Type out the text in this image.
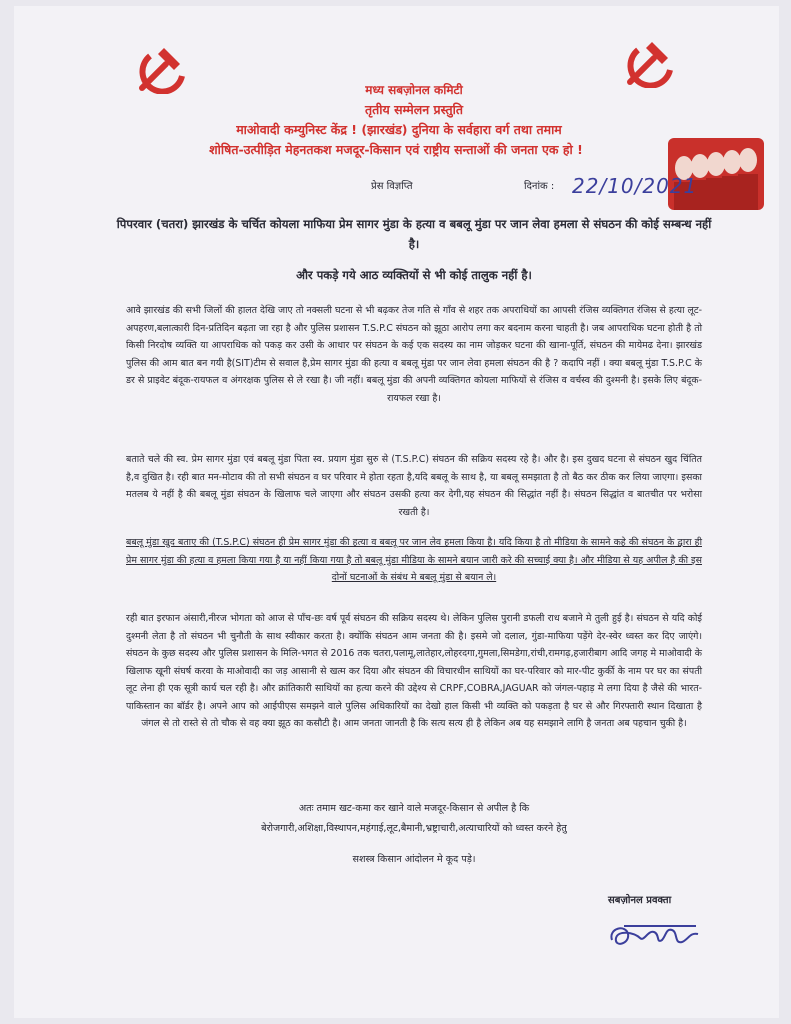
मध्य सबज़ोनल कमिटी
तृतीय सम्मेलन प्रस्तुति
माओवादी कम्युनिस्ट केंद्र ! (झारखंड) दुनिया के सर्वहारा वर्ग तथा तमाम
शोषित-उत्पीड़ित मेहनतकश मजदूर-किसान एवं राष्ट्रीय सन्ताओं की जनता एक हो !
प्रेस विज्ञप्ति	दिनांक : 22/10/2021
पिपरवार (चतरा) झारखंड के चर्चित कोयला माफिया प्रेम सागर मुंडा के हत्या व बबलू मुंडा पर जान लेवा हमला से संघठन की कोई सम्बन्ध नहीं है।
और पकड़े गये आठ व्यक्तियों से भी कोई तालुक नहीं है।
आवे झारखंड की सभी जिलों की हालत देखि जाए तो नक्सली घटना से भी बढ़कर तेज गति से गाँव से शहर तक अपराधियों का आपसी रंजिस व्यक्तिगत रंजिस से हत्या लूट-अपहरण,बलात्कारी दिन-प्रतिदिन बढ़ता जा रहा है और पुलिस प्रशासन T.S.P.C संघठन को झूठा आरोप लगा कर बदनाम करना चाहती है। जब आपराधिक घटना होती है तो किसी निरदोष व्यक्ति या आपराधिक को पकड़ कर उसी के आधार पर संघठन के कई एक सदस्य का नाम जोड़कर घटना की खाना-पूर्ति, संघठन की मायेमढ देना। झारखंड पुलिस की आम बात बन गयी है(SIT)टीम से सवाल है,प्रेम सागर मुंडा की हत्या व बबलू मुंडा पर जान लेवा हमला संघठन की है ? कदापि नहीं । क्या बबलू मुंडा T.S.P.C के डर से प्राइवेट बंदूक-रायफल व अंगरक्षक पुलिस से ले रखा है। जी नहीं। बबलू मुंडा की अपनी व्यक्तिगत कोयला माफियों से रंजिस व वर्चस्व की दुश्मनी है। इसके लिए बंदूक-रायफल रखा है।
बताते चले की स्व. प्रेम सागर मुंडा एवं बबलू मुंडा पिता स्व. प्रयाग मुंडा सुरु से (T.S.P.C) संघठन की सक्रिय सदस्य रहे है। और है। इस दुखद घटना से संघठन खुद चिंतित है,व दुखित है। रही बात मन-मोटाव की तो सभी संघठन व घर परिवार मे होता रहता है,यदि बबलू के साथ है, या बबलू समझाता है तो बैठ कर ठीक कर लिया जाएगा। इसका मतलब ये नहीं है की बबलू मुंडा संघठन के खिलाफ चले जाएगा और संघठन उसकी हत्या कर देगी,यह संघठन की सिद्धांत नहीं है। संघठन सिद्धांत व बातचीत पर भरोसा रखती है।
बबलू मुंडा खुद बताए की (T.S.P.C) संघठन ही प्रेम सागर मुंडा की हत्या व बबलू पर जान लेव हमला किया है। यदि किया है तो मीडिया के सामने कहे की संघठन के द्वारा ही प्रेम सागर मुंडा की हत्या व हमला किया गया है या नहीं किया गया है तो बबलू मुंडा मीडिया के सामने बयान जारी करे की सच्चाई क्या है। और मीडिया से यह अपील है की इस दोनों घटनाओं के संबंध मे बबलू मुंडा से बयान ले।
रही बात इरफान अंसारी,नीरज भोगता को आज से पाँच-छः वर्ष पूर्व संघठन की सक्रिय सदस्य थे। लेकिन पुलिस पुरानी डफली राध बजाने मे तुली हुई है। संघठन से यदि कोई दुश्मनी लेता है तो संघठन भी चुनौती के साथ स्वीकार करता है। क्योंकि संघठन आम जनता की है। इसमे जो दलाल, गुंडा-माफिया पड़ेंगे देर-स्वेर ध्वस्त कर दिए जाएंगे। संघठन के कुछ सदस्य और पुलिस प्रशासन के मिलि-भगत से 2016 तक चतरा,पलामू,लातेहार,लोहरदगा,गुमला,सिमडेगा,रांची,रामगढ़,हजारीबाग आदि जगह मे माओवादी के खिलाफ खूनी संघर्ष करवा के माओवादी का जड़ आसानी से खत्म कर दिया और संघठन की विचारधीन साथियों का घर-परिवार को मार-पीट कुर्की के नाम पर घर का संपती लूट लेना ही एक सूत्री कार्य चल रही है। और क्रांतिकारी साथियों का हत्या करने की उद्देश्य से CRPF,COBRA,JAGUAR को जंगल-पहाड़ मे लगा दिया है जैसे की भारत-पाकिस्तान का बॉर्डर है। अपने आप को आईपीएस समझने वाले पुलिस अधिकारियों का देखो हाल किसी भी व्यक्ति को पकड़ता है घर से और गिरफ्तारी स्थान दिखाता है जंगल से तो रास्ते से तो चौक से वह क्या झूठ का कसौटी है। आम जनता जानती है कि सत्य सत्य ही है लेकिन अब यह समझाने लागि है जनता अब पहचान चुकी है।
अतः तमाम खट-कमा कर खाने वाले मजदूर-किसान से अपील है कि
बेरोजगारी,अशिक्षा,विस्थापन,महंगाई,लूट,बैमानी,भ्रष्ट्राचारी,अत्याचारियों को ध्वस्त करने हेतु
सशस्त्र किसान आंदोलन मे कूद पड़े।
सबज़ोनल प्रवक्ता
